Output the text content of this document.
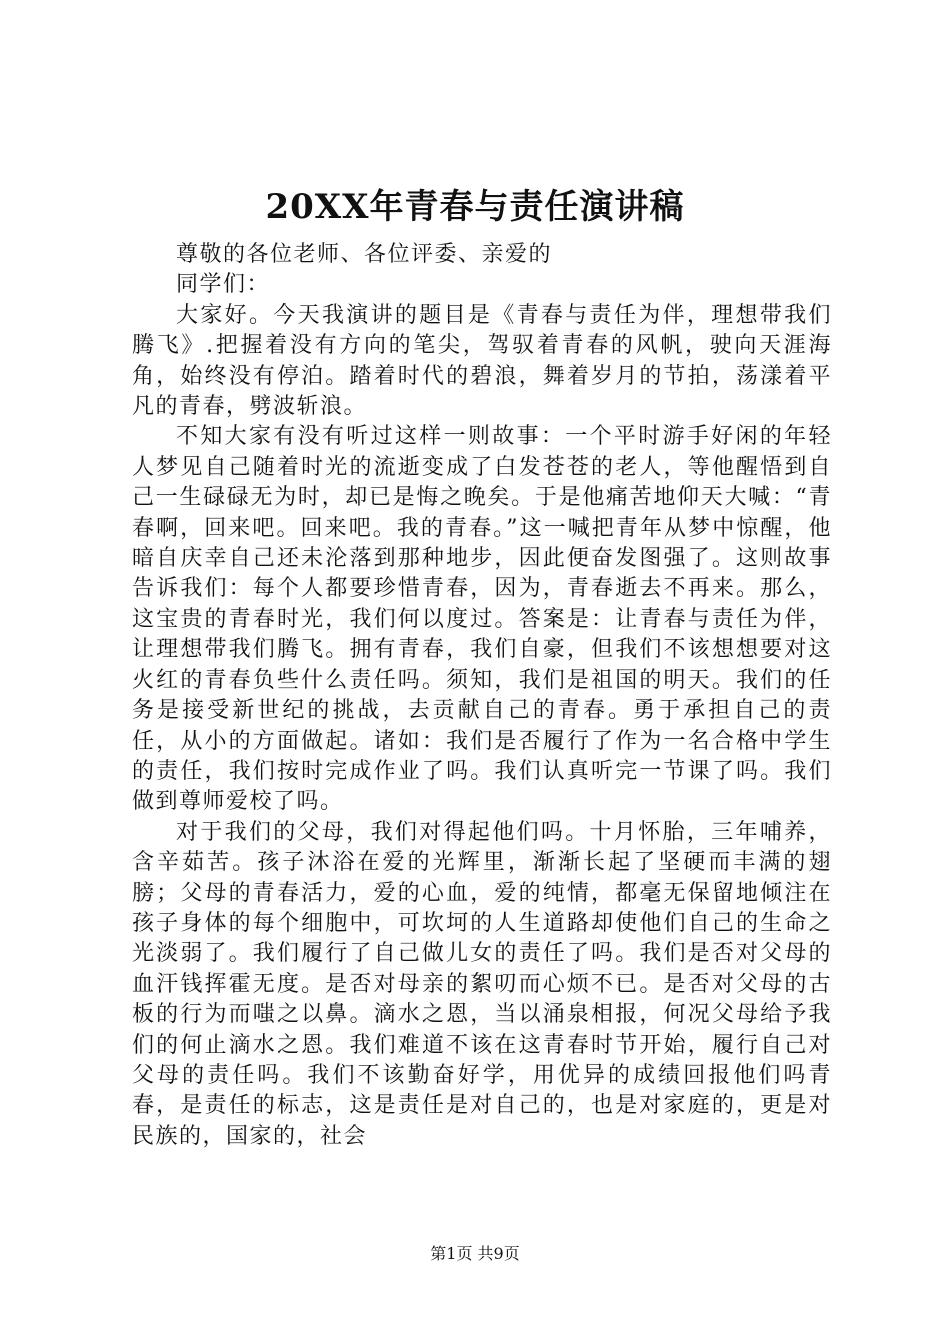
20XX年青春与责任演讲稿

尊敬的各位老师、各位评委、亲爱的

同学们：

大家好。今天我演讲的题目是《青春与责任为伴，理想带我们腾飞》.把握着没有方向的笔尖，驾驭着青春的风帆，驶向天涯海角，始终没有停泊。踏着时代的碧浪，舞着岁月的节拍，荡漾着平凡的青春，劈波斩浪。

不知大家有没有听过这样一则故事：一个平时游手好闲的年轻人梦见自己随着时光的流逝变成了白发苍苍的老人，等他醒悟到自己一生碌碌无为时，却已是悔之晚矣。于是他痛苦地仰天大喊：“青春啊，回来吧。回来吧。我的青春。”这一喊把青年从梦中惊醒，他暗自庆幸自己还未沦落到那种地步，因此便奋发图强了。这则故事告诉我们：每个人都要珍惜青春，因为，青春逝去不再来。那么，这宝贵的青春时光，我们何以度过。答案是：让青春与责任为伴，让理想带我们腾飞。拥有青春，我们自豪，但我们不该想想要对这火红的青春负些什么责任吗。须知，我们是祖国的明天。我们的任务是接受新世纪的挑战，去贡献自己的青春。勇于承担自己的责任，从小的方面做起。诸如：我们是否履行了作为一名合格中学生的责任，我们按时完成作业了吗。我们认真听完一节课了吗。我们做到尊师爱校了吗。

对于我们的父母，我们对得起他们吗。十月怀胎，三年哺养，含辛茹苦。孩子沐浴在爱的光辉里，渐渐长起了坚硬而丰满的翅膀；父母的青春活力，爱的心血，爱的纯情，都毫无保留地倾注在孩子身体的每个细胞中，可坎坷的人生道路却使他们自己的生命之光淡弱了。我们履行了自己做儿女的责任了吗。我们是否对父母的血汗钱挥霍无度。是否对母亲的絮叨而心烦不已。是否对父母的古板的行为而嗤之以鼻。滴水之恩，当以涌泉相报，何况父母给予我们的何止滴水之恩。我们难道不该在这青春时节开始，履行自己对父母的责任吗。我们不该勤奋好学，用优异的成绩回报他们吗青春，是责任的标志，这是责任是对自己的，也是对家庭的，更是对民族的，国家的，社会

第1页 共9页
